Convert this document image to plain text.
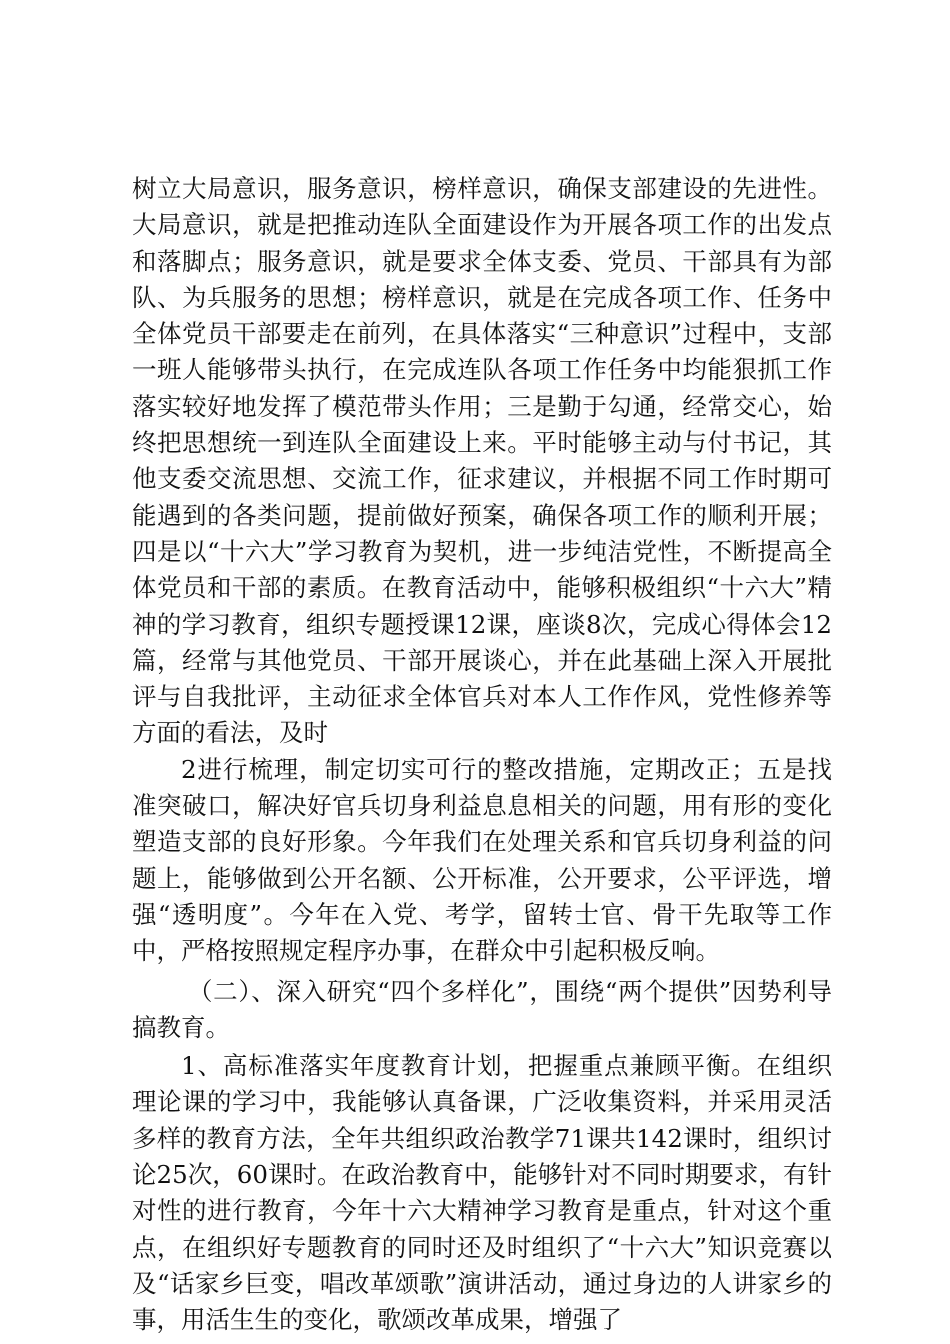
树立大局意识，服务意识，榜样意识，确保支部建设的先进性。大局意识，就是把推动连队全面建设作为开展各项工作的出发点和落脚点；服务意识，就是要求全体支委、党员、干部具有为部队、为兵服务的思想；榜样意识，就是在完成各项工作、任务中全体党员干部要走在前列，在具体落实“三种意识”过程中，支部一班人能够带头执行，在完成连队各项工作任务中均能狠抓工作落实较好地发挥了模范带头作用；三是勤于勾通，经常交心，始终把思想统一到连队全面建设上来。平时能够主动与付书记，其他支委交流思想、交流工作，征求建议，并根据不同工作时期可能遇到的各类问题，提前做好预案，确保各项工作的顺利开展；四是以“十六大”学习教育为契机，进一步纯洁党性，不断提高全体党员和干部的素质。在教育活动中，能够积极组织“十六大”精神的学习教育，组织专题授课12课，座谈8次，完成心得体会12篇，经常与其他党员、干部开展谈心，并在此基础上深入开展批评与自我批评，主动征求全体官兵对本人工作作风，党性修养等方面的看法，及时

2进行梳理，制定切实可行的整改措施，定期改正；五是找准突破口，解决好官兵切身利益息息相关的问题，用有形的变化塑造支部的良好形象。今年我们在处理关系和官兵切身利益的问题上，能够做到公开名额、公开标准，公开要求，公平评选，增强“透明度”。今年在入党、考学，留转士官、骨干先取等工作中，严格按照规定程序办事，在群众中引起积极反响。

（二）、深入研究“四个多样化”，围绕“两个提供”因势利导搞教育。

1、高标准落实年度教育计划，把握重点兼顾平衡。在组织理论课的学习中，我能够认真备课，广泛收集资料，并采用灵活多样的教育方法，全年共组织政治教学71课共142课时，组织讨论25次，60课时。在政治教育中，能够针对不同时期要求，有针对性的进行教育，今年十六大精神学习教育是重点，针对这个重点，在组织好专题教育的同时还及时组织了“十六大”知识竞赛以及“话家乡巨变，唱改革颂歌”演讲活动，通过身边的人讲家乡的事，用活生生的变化，歌颂改革成果，增强了
